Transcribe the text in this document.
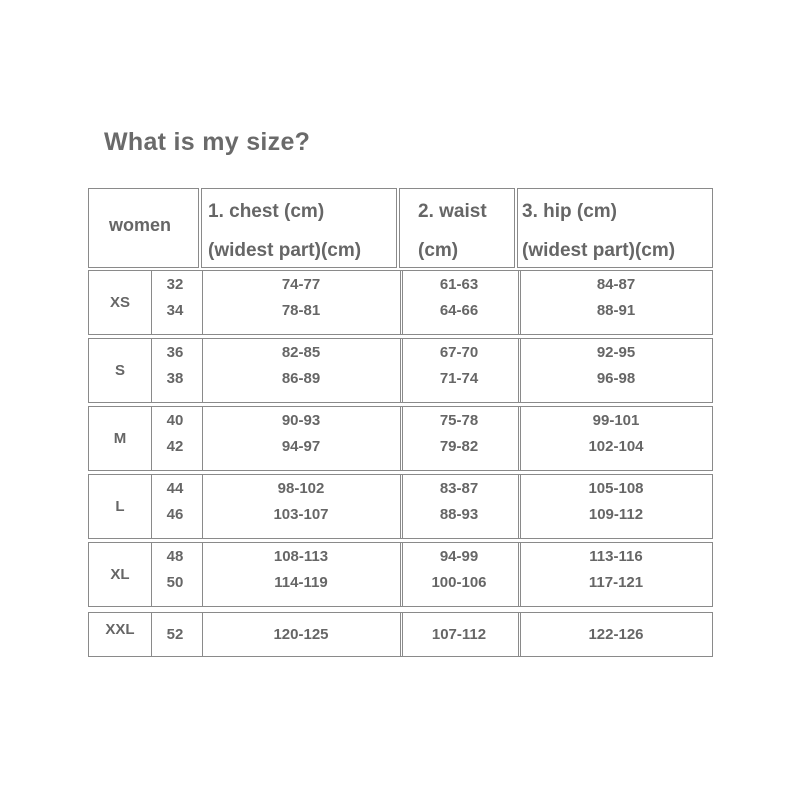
What is my size?
women
1. chest (cm)
(widest part)(cm)
2. waist
(cm)
3. hip (cm)
(widest part)(cm)
XS
32	74-77	61-63	84-87
34	78-81	64-66	88-91
S
36	82-85	67-70	92-95
38	86-89	71-74	96-98
M
40	90-93	75-78	99-101
42	94-97	79-82	102-104
L
44	98-102	83-87	105-108
46	103-107	88-93	109-112
XL
48	108-113	94-99	113-116
50	114-119	100-106	117-121
XXL	52	120-125	107-112	122-126
